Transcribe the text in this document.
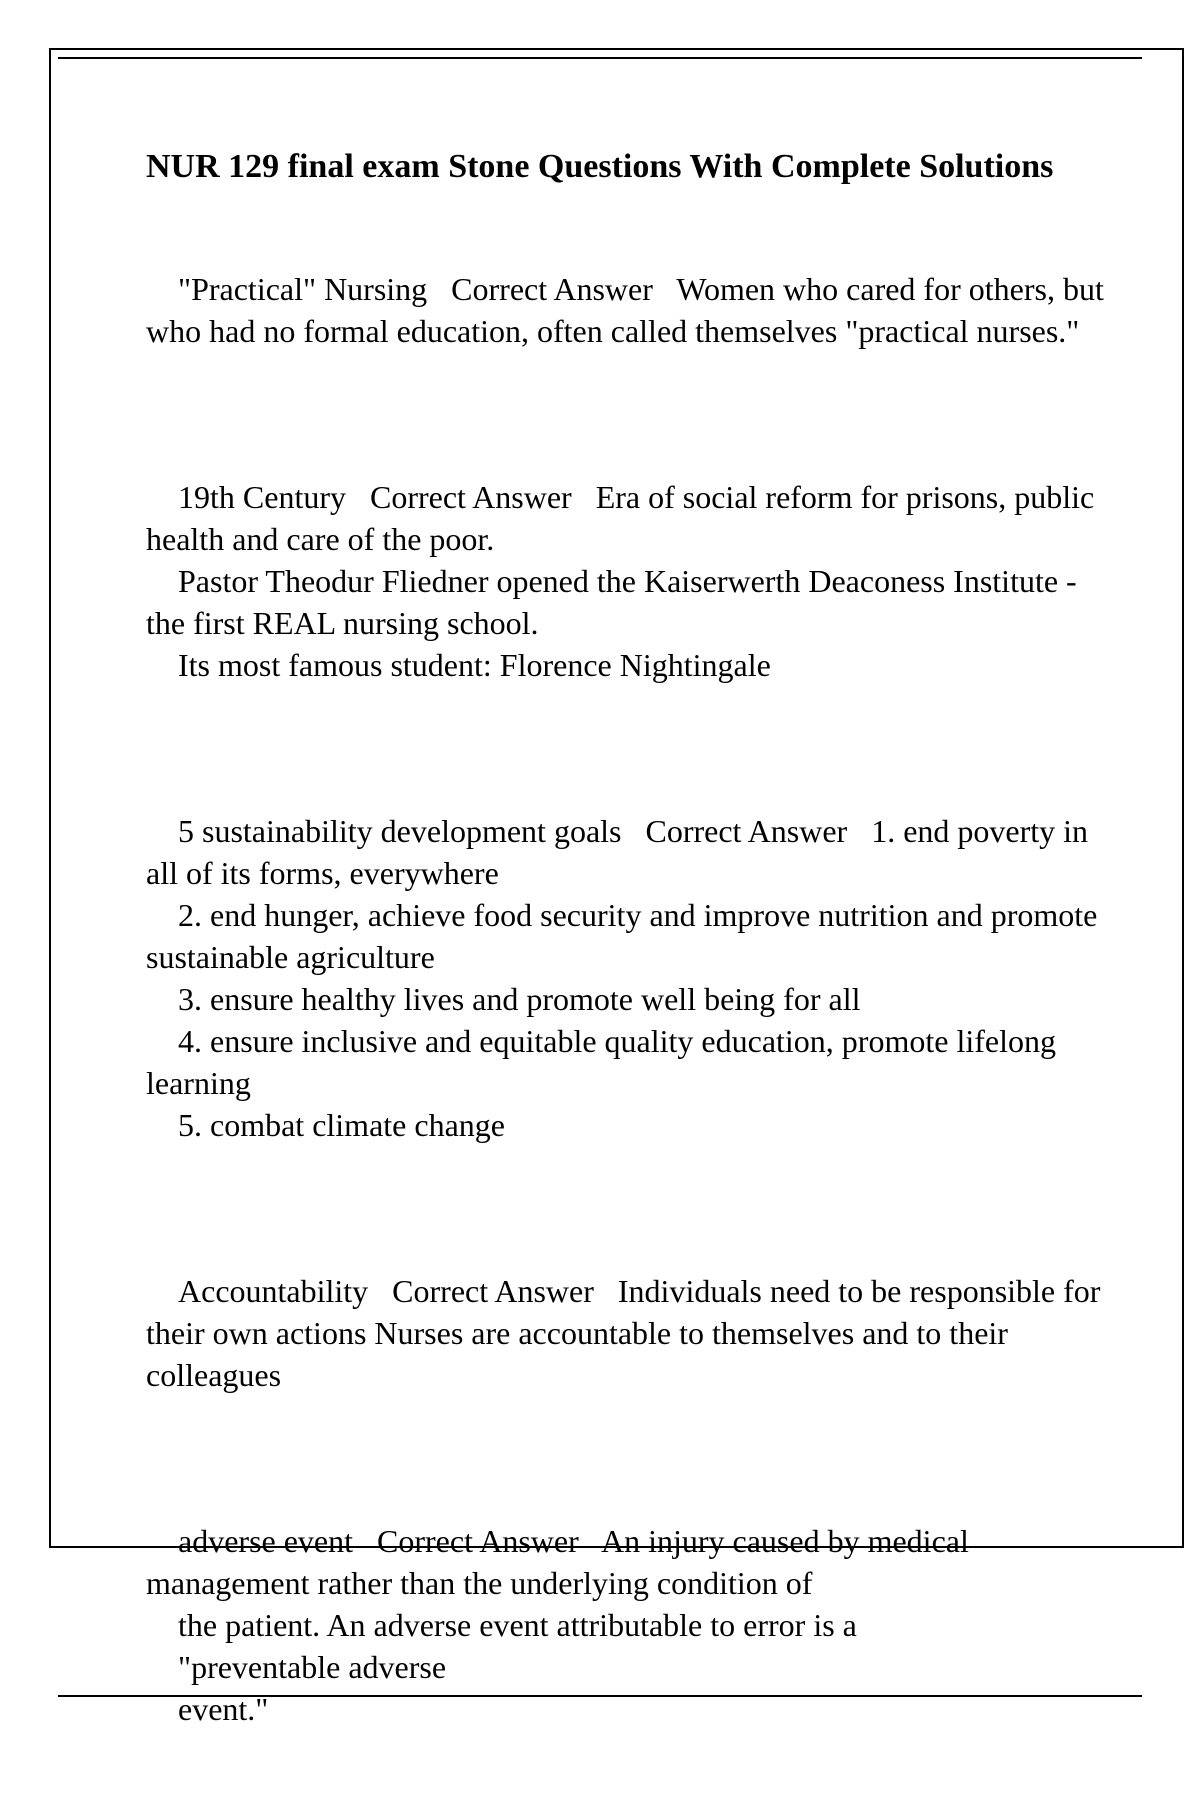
NUR 129 final exam Stone Questions With Complete Solutions

"Practical" Nursing   Correct Answer   Women who cared for others, but who had no formal education, often called themselves "practical nurses."

19th Century   Correct Answer   Era of social reform for prisons, public health and care of the poor.
Pastor Theodur Fliedner opened the Kaiserwerth Deaconess Institute - the first REAL nursing school.
Its most famous student: Florence Nightingale

5 sustainability development goals   Correct Answer   1. end poverty in all of its forms, everywhere
2. end hunger, achieve food security and improve nutrition and promote sustainable agriculture
3. ensure healthy lives and promote well being for all
4. ensure inclusive and equitable quality education, promote lifelong learning
5. combat climate change

Accountability   Correct Answer   Individuals need to be responsible for their own actions Nurses are accountable to themselves and to their colleagues

adverse event   Correct Answer   An injury caused by medical management rather than the underlying condition of
the patient. An adverse event attributable to error is a
"preventable adverse
event."
